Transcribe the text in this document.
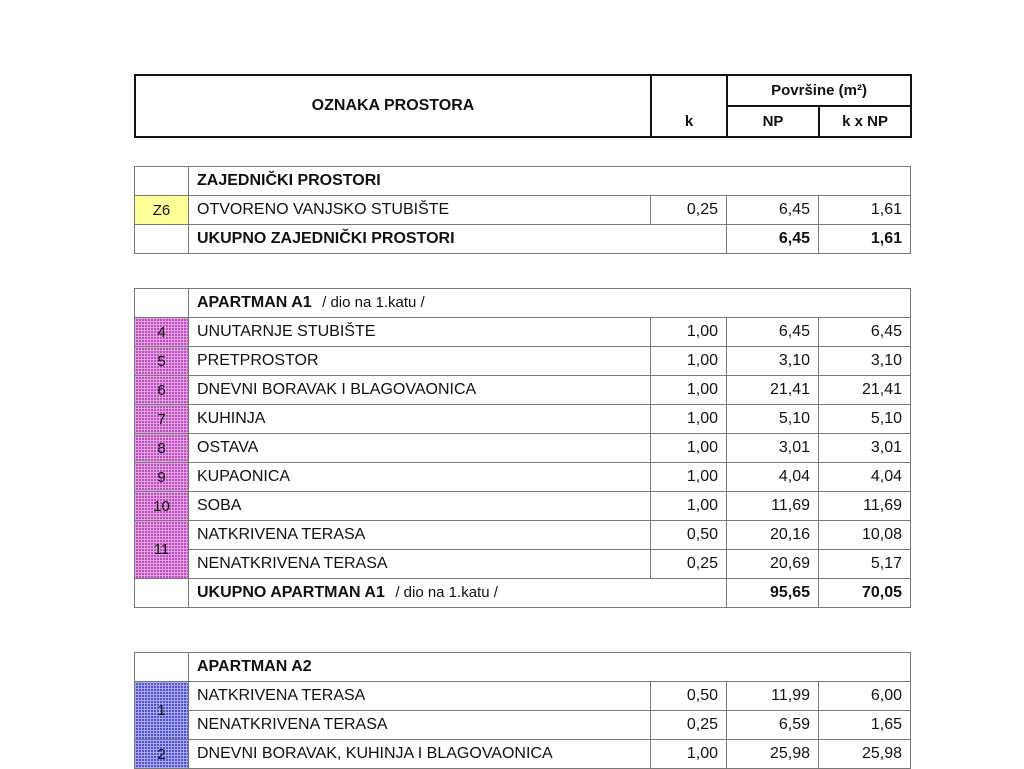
OZNAKA PROSTORA	k	Površine (m²)	
		NP	k x NP
	ZAJEDNIČKI PROSTORI			
Z6	OTVORENO VANJSKO STUBIŠTE	0,25	6,45	1,61
	UKUPNO ZAJEDNIČKI PROSTORI		6,45	1,61
	APARTMAN A1 / dio na 1.katu /			
4	UNUTARNJE STUBIŠTE	1,00	6,45	6,45
5	PRETPROSTOR	1,00	3,10	3,10
6	DNEVNI BORAVAK I BLAGOVAONICA	1,00	21,41	21,41
7	KUHINJA	1,00	5,10	5,10
8	OSTAVA	1,00	3,01	3,01
9	KUPAONICA	1,00	4,04	4,04
10	SOBA	1,00	11,69	11,69
11	NATKRIVENA TERASA	0,50	20,16	10,08
	NENATKRIVENA TERASA	0,25	20,69	5,17
	UKUPNO APARTMAN A1 / dio na 1.katu /		95,65	70,05
	APARTMAN A2			
1	NATKRIVENA TERASA	0,50	11,99	6,00
	NENATKRIVENA TERASA	0,25	6,59	1,65
2	DNEVNI BORAVAK, KUHINJA I BLAGOVAONICA	1,00	25,98	25,98
